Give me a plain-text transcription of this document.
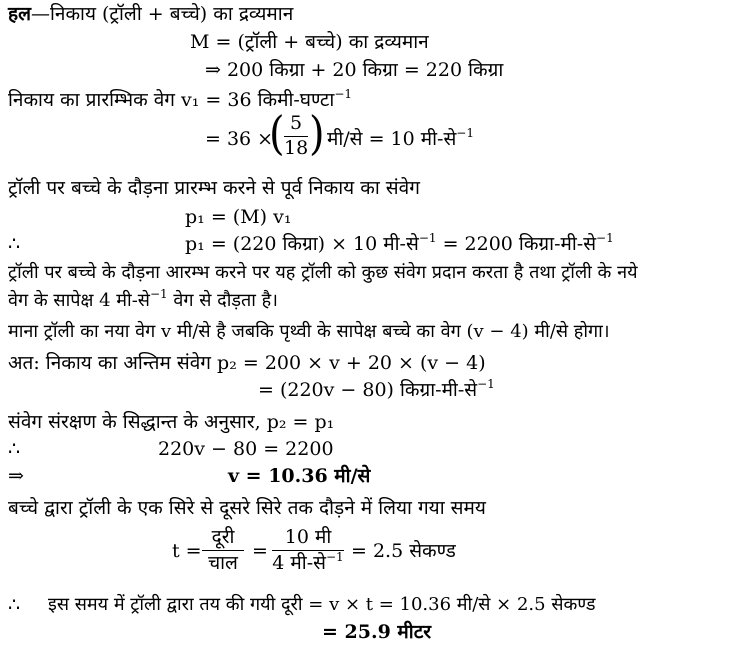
हल—निकाय (ट्रॉली + बच्चे) का द्रव्यमान
M = (ट्रॉली + बच्चे) का द्रव्यमान
⇒ 200 किग्रा + 20 किग्रा = 220 किग्रा
निकाय का प्रारम्भिक वेग v₁ = 36 किमी-घण्टा$^{-1}$
= 36 ×
( 5
18 ) मी/से = 10 मी-से$^{-1}$
ट्रॉली पर बच्चे के दौड़ना प्रारम्भ करने से पूर्व निकाय का संवेग
p₁ = (M) v₁
∴	p₁ = (220 किग्रा) × 10 मी-से$^{-1}$ = 2200 किग्रा-मी-से$^{-1}$
ट्रॉली पर बच्चे के दौड़ना आरम्भ करने पर यह ट्रॉली को कुछ संवेग प्रदान करता है तथा ट्रॉली के नये
वेग के सापेक्ष 4 मी-से$^{-1}$ वेग से दौड़ता है।
माना ट्रॉली का नया वेग v मी/से है जबकि पृथ्वी के सापेक्ष बच्चे का वेग (v − 4) मी/से होगा।
अत: निकाय का अन्तिम संवेग p₂ = 200 × v + 20 × (v − 4)
= (220v − 80) किग्रा-मी-से$^{-1}$
संवेग संरक्षण के सिद्धान्त के अनुसार, p₂ = p₁
∴	220v − 80 = 2200
⇒	v = 10.36 मी/से
बच्चे द्वारा ट्रॉली के एक सिरे से दूसरे सिरे तक दौड़ने में लिया गया समय
t =
दूरी
चाल
=
10 मी
4 मी-से$^{-1}$ = 2.5 सेकण्ड
∴ इस समय में ट्रॉली द्वारा तय की गयी दूरी = v × t = 10.36 मी/से × 2.5 सेकण्ड
= 25.9 मीटर
